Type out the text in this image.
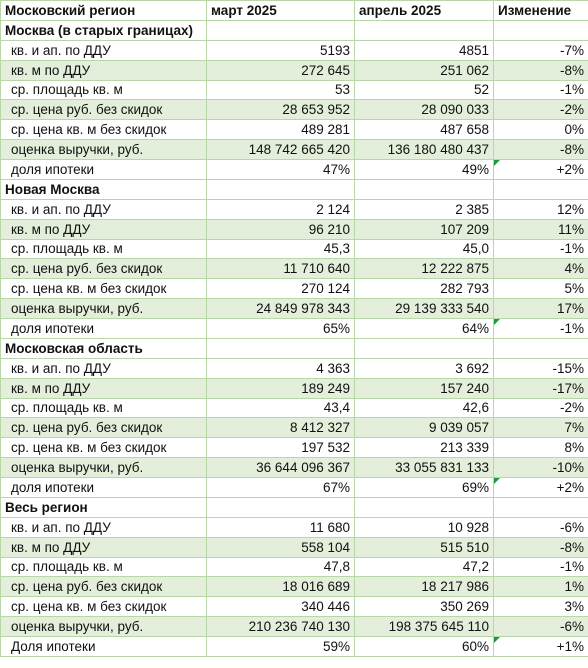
Московский регион	март 2025	апрель 2025	Изменение
Москва (в старых границах)			
кв. и ап. по ДДУ	5193	4851	-7%
кв. м по ДДУ	272 645	251 062	-8%
ср. площадь кв. м	53	52	-1%
ср. цена руб. без скидок	28 653 952	28 090 033	-2%
ср. цена кв. м без скидок	489 281	487 658	0%
оценка выручки, руб.	148 742 665 420	136 180 480 437	-8%
доля ипотеки	47%	49%	+2%
Новая Москва			
кв. и ап. по ДДУ	2 124	2 385	12%
кв. м по ДДУ	96 210	107 209	11%
ср. площадь кв. м	45,3	45,0	-1%
ср. цена руб. без скидок	11 710 640	12 222 875	4%
ср. цена кв. м без скидок	270 124	282 793	5%
оценка выручки, руб.	24 849 978 343	29 139 333 540	17%
доля ипотеки	65%	64%	-1%
Московская область			
кв. и ап. по ДДУ	4 363	3 692	-15%
кв. м по ДДУ	189 249	157 240	-17%
ср. площадь кв. м	43,4	42,6	-2%
ср. цена руб. без скидок	8 412 327	9 039 057	7%
ср. цена кв. м без скидок	197 532	213 339	8%
оценка выручки, руб.	36 644 096 367	33 055 831 133	-10%
доля ипотеки	67%	69%	+2%
Весь регион			
кв. и ап. по ДДУ	11 680	10 928	-6%
кв. м по ДДУ	558 104	515 510	-8%
ср. площадь кв. м	47,8	47,2	-1%
ср. цена руб. без скидок	18 016 689	18 217 986	1%
ср. цена кв. м без скидок	340 446	350 269	3%
оценка выручки, руб.	210 236 740 130	198 375 645 110	-6%
Доля ипотеки	59%	60%	+1%
